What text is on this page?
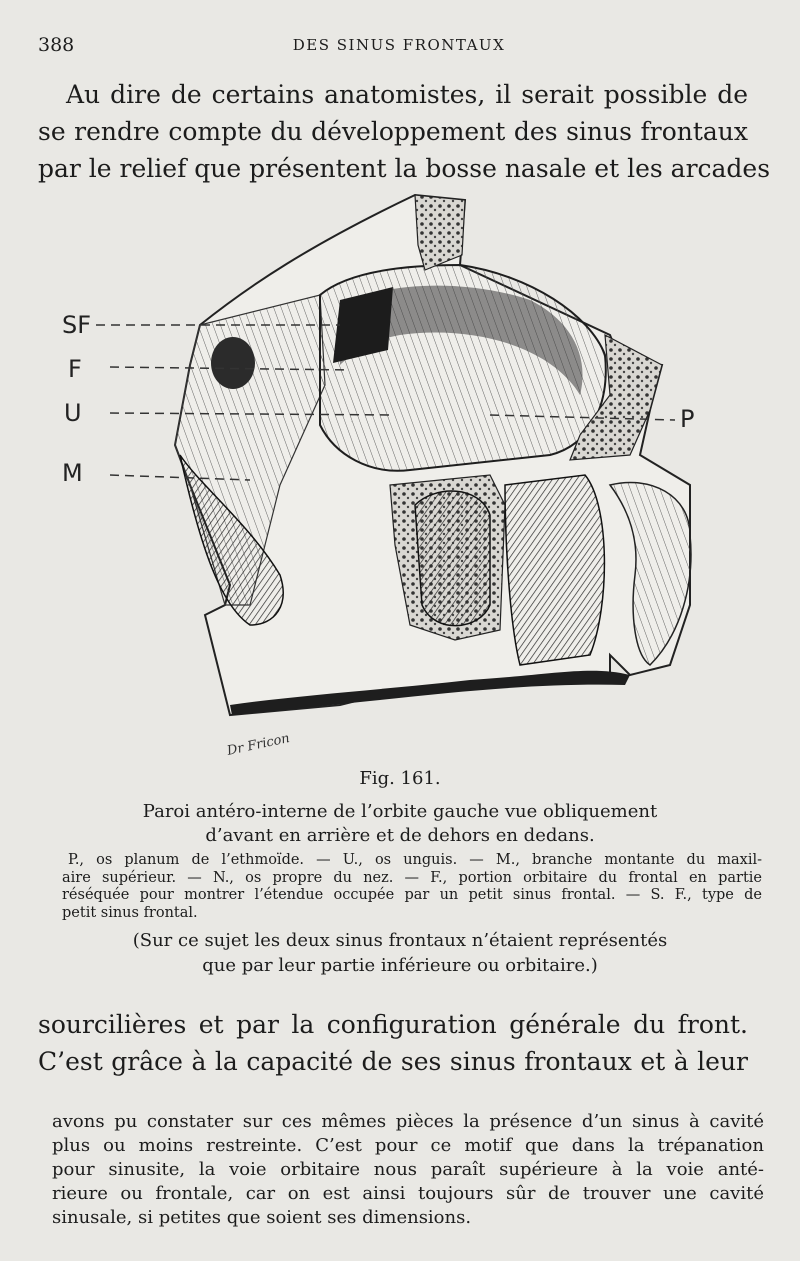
388	DES SINUS FRONTAUX
Au dire de certains anatomistes, il serait possible de
se rendre compte du développement des sinus frontaux
par le relief que présentent la bosse nasale et les arcades
SF
F
U
M
P
Dr Fricon
Fig. 161.
Paroi antéro-interne de l’orbite gauche vue obliquement
d’avant en arrière et de dehors en dedans.
P., os planum de l’ethmoïde. — U., os unguis. — M., branche montante du maxil-
aire supérieur. — N., os propre du nez. — F., portion orbitaire du frontal en partie
réséquée pour montrer l’étendue occupée par un petit sinus frontal. — S. F., type de
petit sinus frontal.
(Sur ce sujet les deux sinus frontaux n’étaient représentés
que par leur partie inférieure ou orbitaire.)
sourcilières et par la configuration générale du front.
C’est grâce à la capacité de ses sinus frontaux et à leur
avons pu constater sur ces mêmes pièces la présence d’un sinus à cavité
plus ou moins restreinte. C’est pour ce motif que dans la trépanation
pour sinusite, la voie orbitaire nous paraît supérieure à la voie anté-
rieure ou frontale, car on est ainsi toujours sûr de trouver une cavité
sinusale, si petites que soient ses dimensions.
